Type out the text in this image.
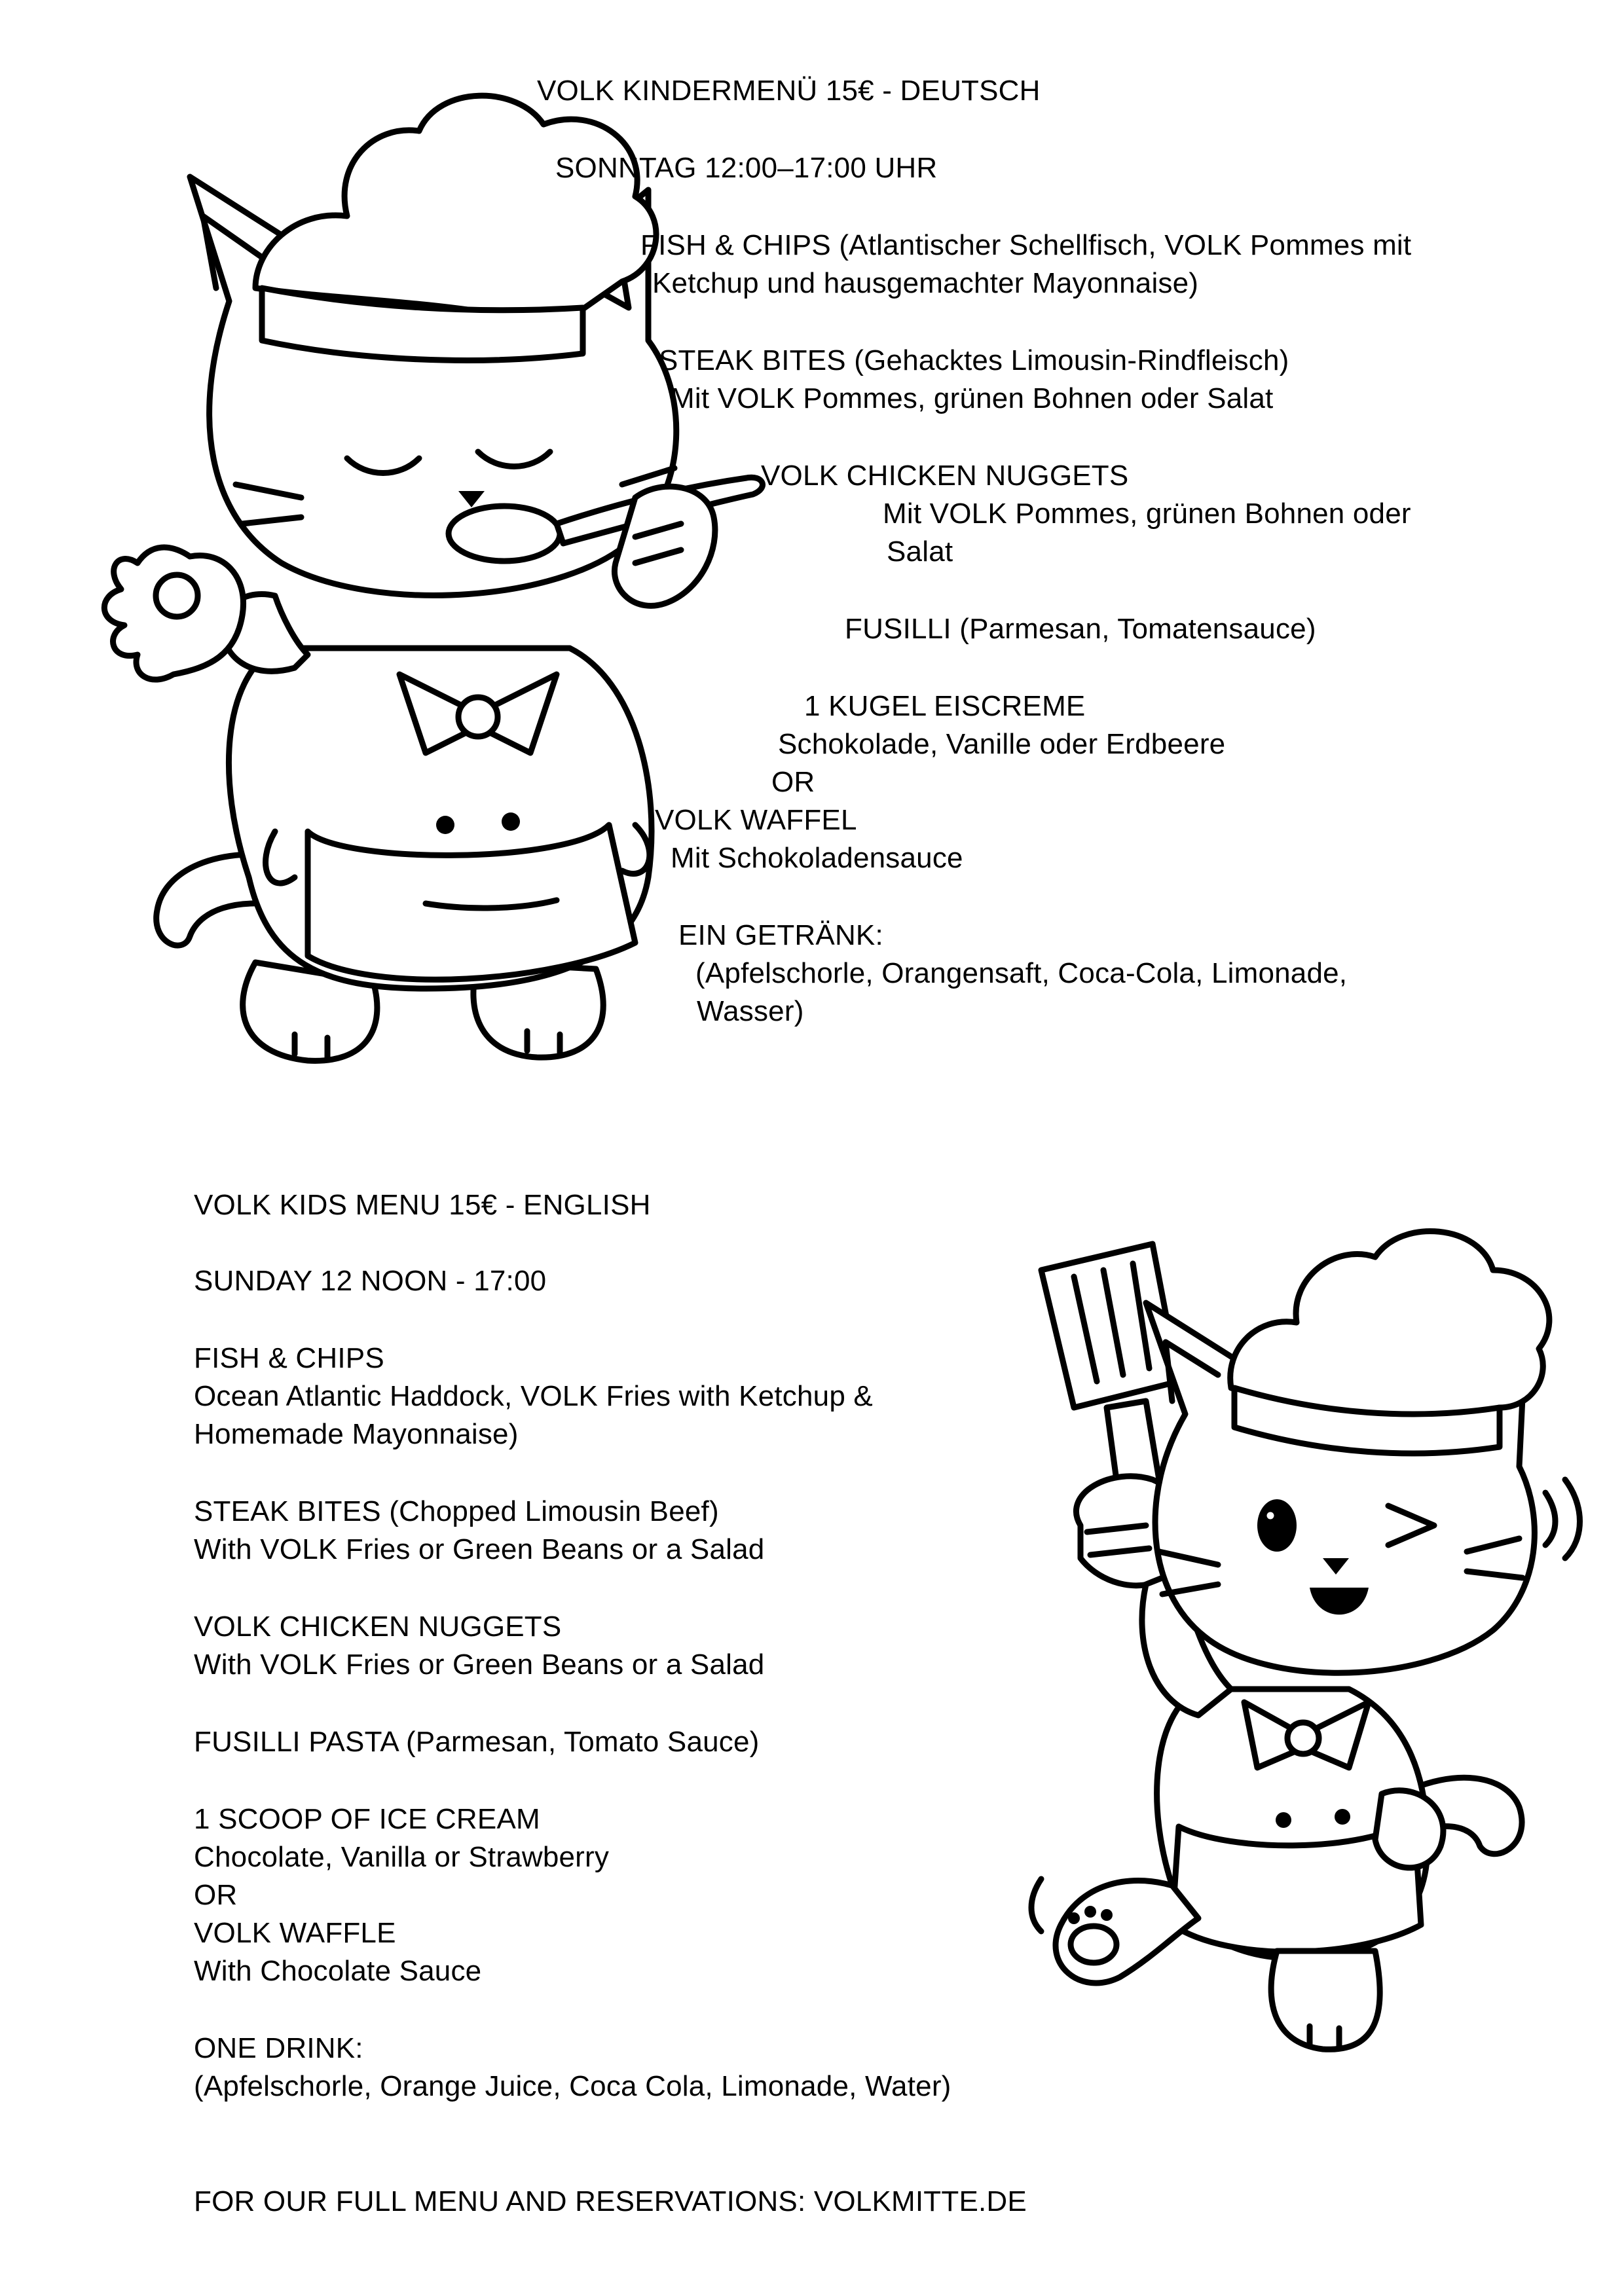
VOLK KINDERMENÜ 15€ - DEUTSCH

SONNTAG 12:00–17:00 UHR

FISH & CHIPS (Atlantischer Schellfisch, VOLK Pommes mit

Ketchup und hausgemachter Mayonnaise)

STEAK BITES (Gehacktes Limousin-Rindfleisch)

Mit VOLK Pommes, grünen Bohnen oder Salat

VOLK CHICKEN NUGGETS

Mit VOLK Pommes, grünen Bohnen oder

Salat

FUSILLI (Parmesan, Tomatensauce)

1 KUGEL EISCREME

Schokolade, Vanille oder Erdbeere

OR

VOLK WAFFEL

Mit Schokoladensauce

EIN GETRÄNK:

(Apfelschorle, Orangensaft, Coca-Cola, Limonade,

Wasser)

VOLK KIDS MENU 15€ - ENGLISH

SUNDAY 12 NOON - 17:00

FISH & CHIPS

Ocean Atlantic Haddock, VOLK Fries with Ketchup &

Homemade Mayonnaise)

STEAK BITES (Chopped Limousin Beef)

With VOLK Fries or Green Beans or a Salad

VOLK CHICKEN NUGGETS

With VOLK Fries or Green Beans or a Salad

FUSILLI PASTA (Parmesan, Tomato Sauce)

1 SCOOP OF ICE CREAM

Chocolate, Vanilla or Strawberry

OR

VOLK WAFFLE

With Chocolate Sauce

ONE DRINK:

(Apfelschorle, Orange Juice, Coca Cola, Limonade, Water)

FOR OUR FULL MENU AND RESERVATIONS: VOLKMITTE.DE
